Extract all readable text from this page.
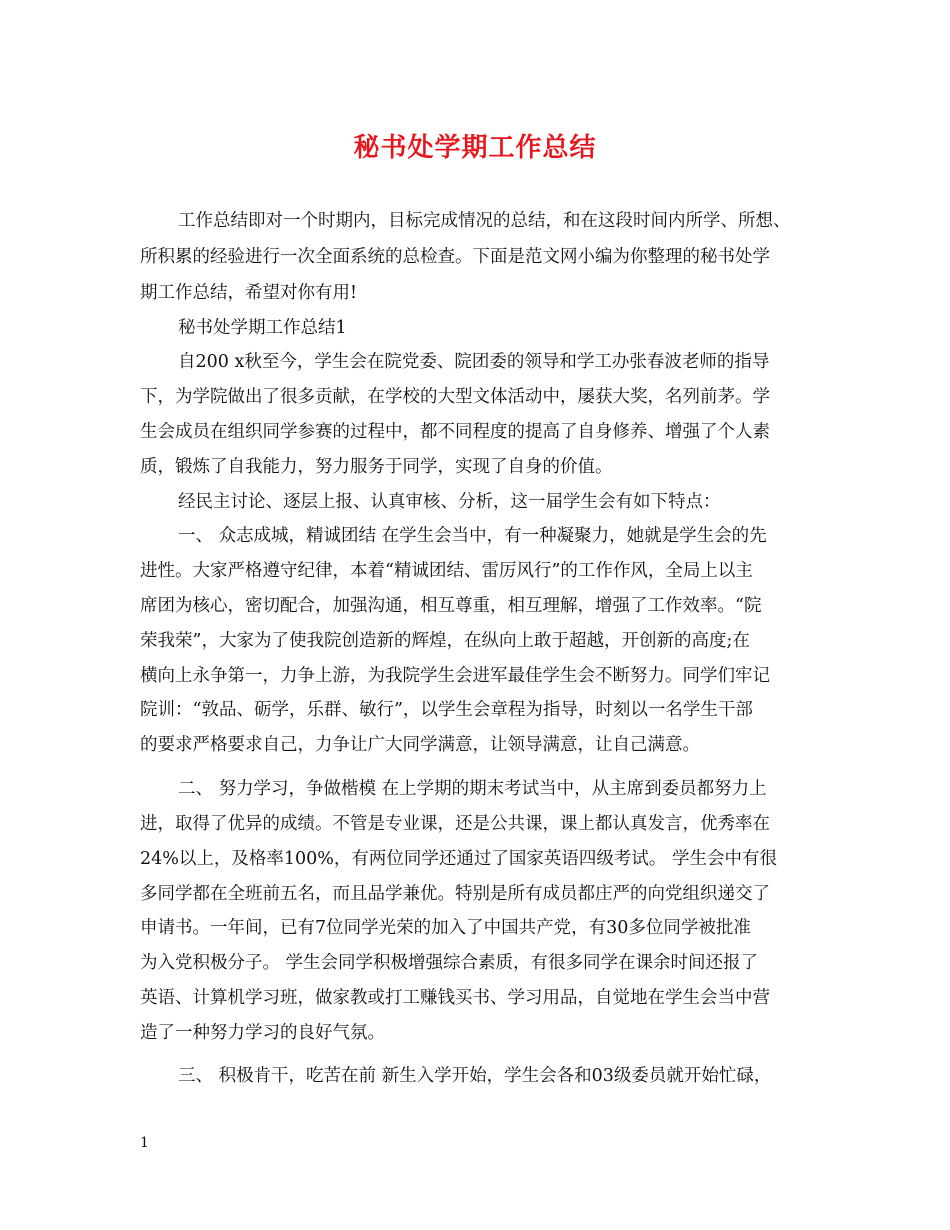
秘书处学期工作总结
工作总结即对一个时期内，目标完成情况的总结，和在这段时间内所学、所想、
所积累的经验进行一次全面系统的总检查。下面是范文网小编为你整理的秘书处学
期工作总结，希望对你有用!
秘书处学期工作总结1
自200 x秋至今，学生会在院党委、院团委的领导和学工办张春波老师的指导
下，为学院做出了很多贡献，在学校的大型文体活动中，屡获大奖，名列前茅。学
生会成员在组织同学参赛的过程中，都不同程度的提高了自身修养、增强了个人素
质，锻炼了自我能力，努力服务于同学，实现了自身的价值。
经民主讨论、逐层上报、认真审核、分析，这一届学生会有如下特点：
一、 众志成城，精诚团结 在学生会当中，有一种凝聚力，她就是学生会的先
进性。大家严格遵守纪律，本着“精诚团结、雷厉风行”的工作作风，全局上以主
席团为核心，密切配合，加强沟通，相互尊重，相互理解，增强了工作效率。“院
荣我荣”，大家为了使我院创造新的辉煌，在纵向上敢于超越，开创新的高度;在
横向上永争第一，力争上游，为我院学生会进军最佳学生会不断努力。同学们牢记
院训：“敦品、砺学，乐群、敏行”，以学生会章程为指导，时刻以一名学生干部
的要求严格要求自己，力争让广大同学满意，让领导满意，让自己满意。
二、 努力学习，争做楷模 在上学期的期末考试当中，从主席到委员都努力上
进，取得了优异的成绩。不管是专业课，还是公共课，课上都认真发言，优秀率在
24%以上，及格率100%，有两位同学还通过了国家英语四级考试。 学生会中有很
多同学都在全班前五名，而且品学兼优。特别是所有成员都庄严的向党组织递交了
申请书。一年间，已有7位同学光荣的加入了中国共产党，有30多位同学被批准
为入党积极分子。 学生会同学积极增强综合素质，有很多同学在课余时间还报了
英语、计算机学习班，做家教或打工赚钱买书、学习用品，自觉地在学生会当中营
造了一种努力学习的良好气氛。
三、 积极肯干，吃苦在前 新生入学开始，学生会各和03级委员就开始忙碌，
1
